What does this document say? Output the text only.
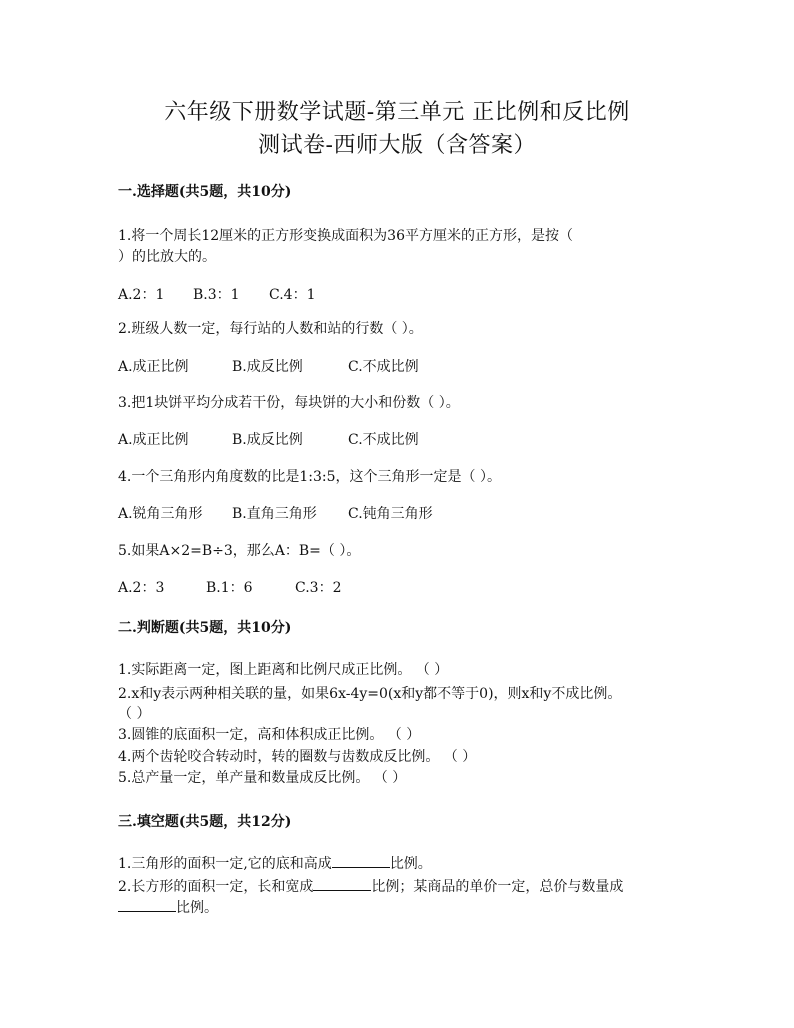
六年级下册数学试题-第三单元 正比例和反比例
测试卷-西师大版（含答案）
一.选择题(共5题，共10分)
1.将一个周长12厘米的正方形变换成面积为36平方厘米的正方形，是按（
）的比放大的。
A.2：1 B.3：1 C.4：1
2.班级人数一定，每行站的人数和站的行数（ ）。
A.成正比例	B.成反比例	C.不成比例
3.把1块饼平均分成若干份，每块饼的大小和份数（ ）。
A.成正比例	B.成反比例	C.不成比例
4.一个三角形内角度数的比是1:3:5，这个三角形一定是（ ）。
A.锐角三角形 B.直角三角形 C.钝角三角形
5.如果A×2=B÷3，那么A：B=（ ）。
A.2：3	B.1：6	C.3：2
二.判断题(共5题，共10分)
1.实际距离一定，图上距离和比例尺成正比例。 （ ）
2.x和y表示两种相关联的量，如果6x-4y=0(x和y都不等于0)，则x和y不成比例。
（ ）
3.圆锥的底面积一定，高和体积成正比例。 （ ）
4.两个齿轮咬合转动时，转的圈数与齿数成反比例。 （ ）
5.总产量一定，单产量和数量成反比例。 （ ）
三.填空题(共5题，共12分)
1.三角形的面积一定,它的底和高成	比例。
2.长方形的面积一定，长和宽成	比例；某商品的单价一定，总价与数量成
比例。
